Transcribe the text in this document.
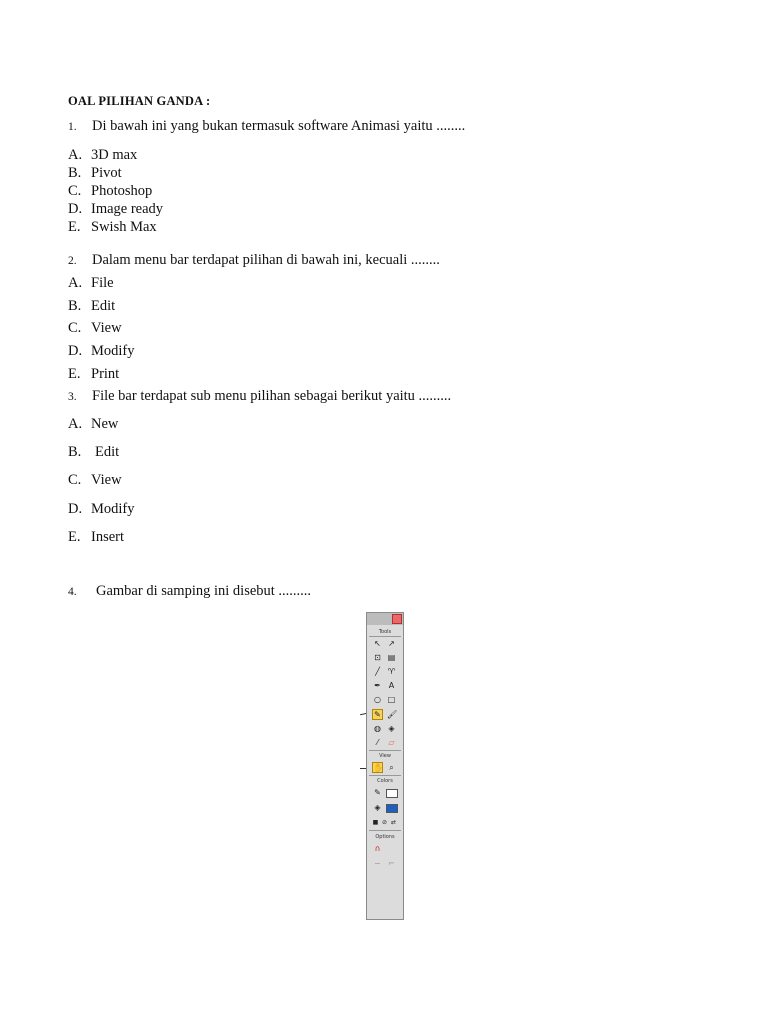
OAL PILIHAN GANDA :
1. Di bawah ini yang bukan termasuk software Animasi yaitu ........
A. 3D max
B. Pivot
C. Photoshop
D. Image ready
E. Swish Max
2. Dalam menu bar terdapat pilihan di bawah ini, kecuali ........
A. File
B. Edit
C. View
D. Modify
E. Print
3. File bar terdapat sub menu pilihan sebagai berikut yaitu .........
A. New
B. Edit
C. View
D. Modify
E. Insert
4. Gambar di samping ini disebut .........
Tools
↖ ↗
⊡ ▤
╱ ♈
✒ A
○ □
✎ 🖌
◍ ◈
⁄	▱
View
✋ ⌕
Colors
✎
◈
■ ⊘ ⇄
Options
∩
∽ ⌐
